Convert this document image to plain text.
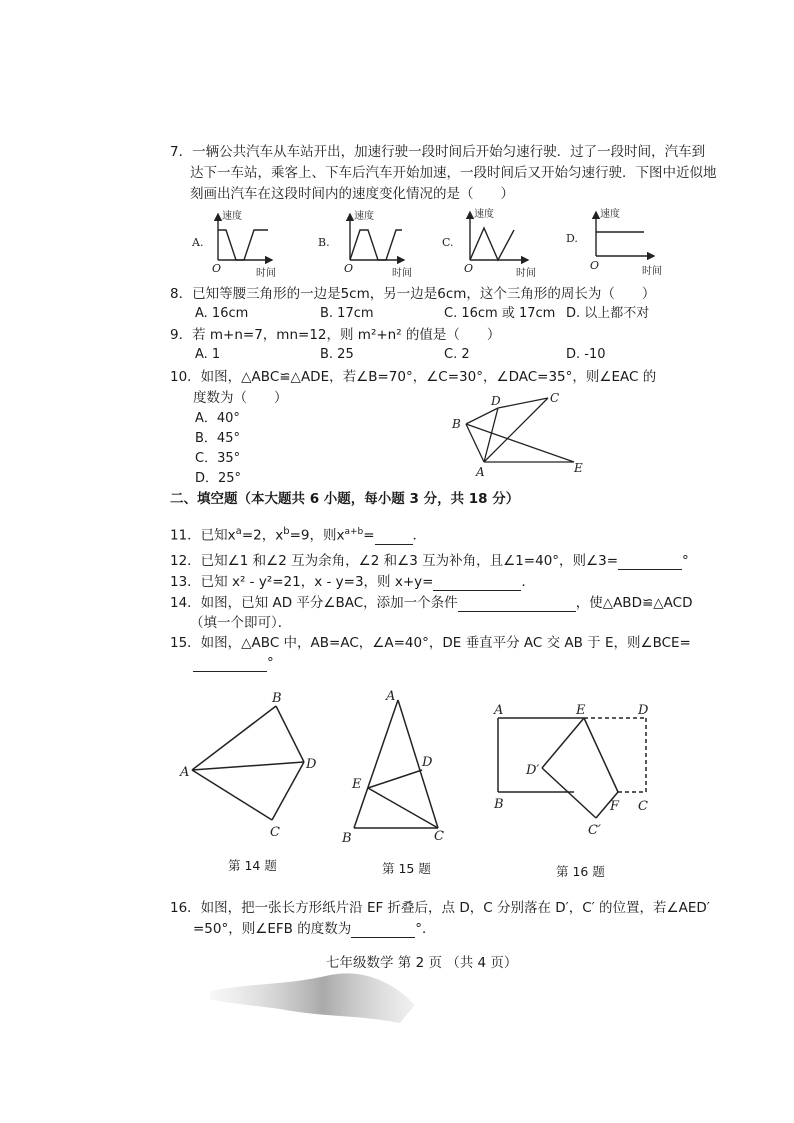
7．一辆公共汽车从车站开出，加速行驶一段时间后开始匀速行驶．过了一段时间，汽车到
达下一车站，乘客上、下车后汽车开始加速，一段时间后又开始匀速行驶．下图中近似地
刻画出汽车在这段时间内的速度变化情况的是（　　）
A.
速度
O	时间
B.
速度
O	时间
C.
速度
O	时间
D.
速度
O	时间
8．已知等腰三角形的一边是5cm，另一边是6cm，这个三角形的周长为（　　）
A. 16cm	B. 17cm	C. 16cm 或 17cm D. 以上都不对
9．若 m+n=7，mn=12，则 m²+n² 的值是（　　）
A. 1	B. 25	C. 2	D. -10
10．如图，△ABC≌△ADE，若∠B=70°，∠C=30°，∠DAC=35°，则∠EAC 的
度数为（　　）
A．40°
B．45°
C．35°
D．25°
B
D	C
A	E
二、填空题（本大题共 6 小题，每小题 3 分，共 18 分）
11．已知$x^a=2$，$x^b=9$，则$x^{a+b}=$	．
12．已知∠1 和∠2 互为余角，∠2 和∠3 互为补角，且∠1=40°，则∠3=	°
13．已知 x² - y²=21，x - y=3，则 x+y=	．
14．如图，已知 AD 平分∠BAC，添加一个条件	，使△ABD≌△ACD
（填一个即可）．
15．如图，△ABC 中，AB=AC，∠A=40°，DE 垂直平分 AC 交 AB 于 E，则∠BCE=
°
A
B
D
C
A
E
D
B	C
A	E	D
D′
B	F C
C′
第 14 题	第 15 题	第 16 题
16．如图，把一张长方形纸片沿 EF 折叠后，点 D，C 分别落在 D′，C′ 的位置，若∠AED′
=50°，则∠EFB 的度数为	°．
七年级数学 第 2 页 （共 4 页）
